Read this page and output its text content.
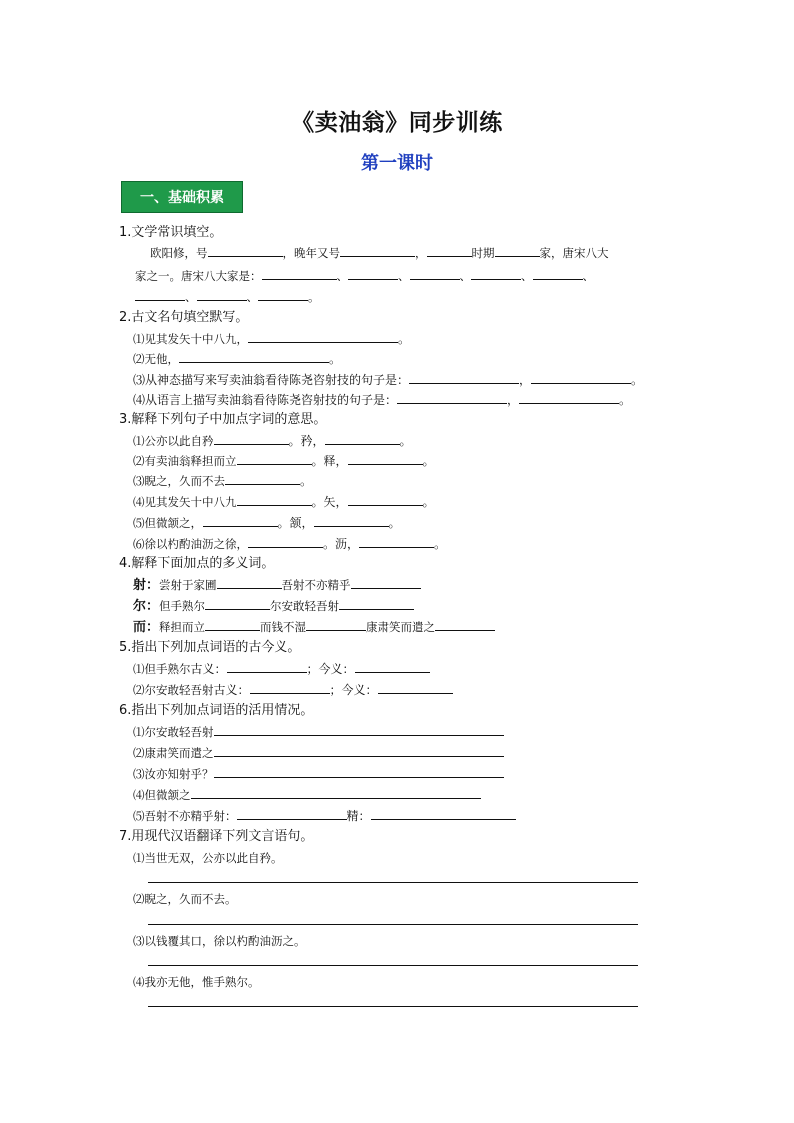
《卖油翁》同步训练
第一课时
一、基础积累
1.文学常识填空。
欧阳修，号	，晚年又号	，	时期	家，唐宋八大
家之一。唐宋八大家是：	、	、	、	、	、
、	、	。
2.古文名句填空默写。
⑴见其发矢十中八九，	。
⑵无他，	。
⑶从神态描写来写卖油翁看待陈尧咨射技的句子是：	，	。
⑷从语言上描写卖油翁看待陈尧咨射技的句子是：	，	。
3.解释下列句子中加点字词的意思。
⑴公亦以此自矜	。矜，	。
⑵有卖油翁释担而立	。释，	。
⑶睨之，久而不去	。
⑷见其发矢十中八九	。矢，	。
⑸但微颔之，	。颔，	。
⑹徐以杓酌油沥之徐，	。沥，	。
4.解释下面加点的多义词。
射：尝射于家圃	吾射不亦精乎
尔：但手熟尔	尔安敢轻吾射
而：释担而立	而钱不湿	康肃笑而遣之
5.指出下列加点词语的古今义。
⑴但手熟尔古义：	；今义：
⑵尔安敢轻吾射古义：	；今义：
6.指出下列加点词语的活用情况。
⑴尔安敢轻吾射
⑵康肃笑而遣之
⑶汝亦知射乎？
⑷但微颔之
⑸吾射不亦精乎射：	精：
7.用现代汉语翻译下列文言语句。
⑴当世无双，公亦以此自矜。
⑵睨之，久而不去。
⑶以钱覆其口，徐以杓酌油沥之。
⑷我亦无他，惟手熟尔。
